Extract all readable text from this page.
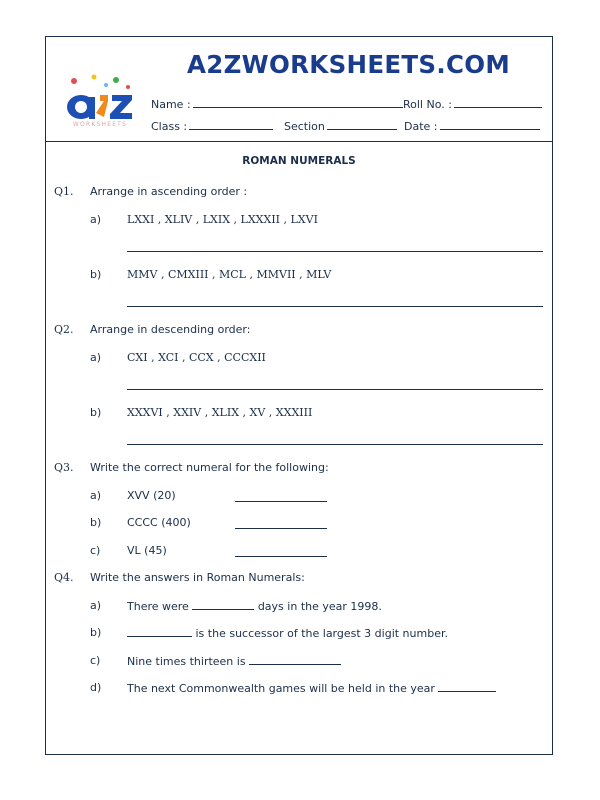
A2ZWORKSHEETS.COM
WORKSHEETS
Name :	Roll No. :
Class :	Section	Date :
ROMAN NUMERALS
Q1. Arrange in ascending order :
a) LXXI , XLIV , LXIX , LXXXII , LXVI
b) MMV , CMXIII , MCL , MMVII , MLV
Q2. Arrange in descending order:
a) CXI , XCI , CCX , CCCXII
b) XXXVI , XXIV , XLIX , XV , XXXIII
Q3. Write the correct numeral for the following:
a) XVV (20)
b) CCCC (400)
c) VL (45)
Q4. Write the answers in Roman Numerals:
a) There were	days in the year 1998.
b)	is the successor of the largest 3 digit number.
c) Nine times thirteen is
d) The next Commonwealth games will be held in the year
